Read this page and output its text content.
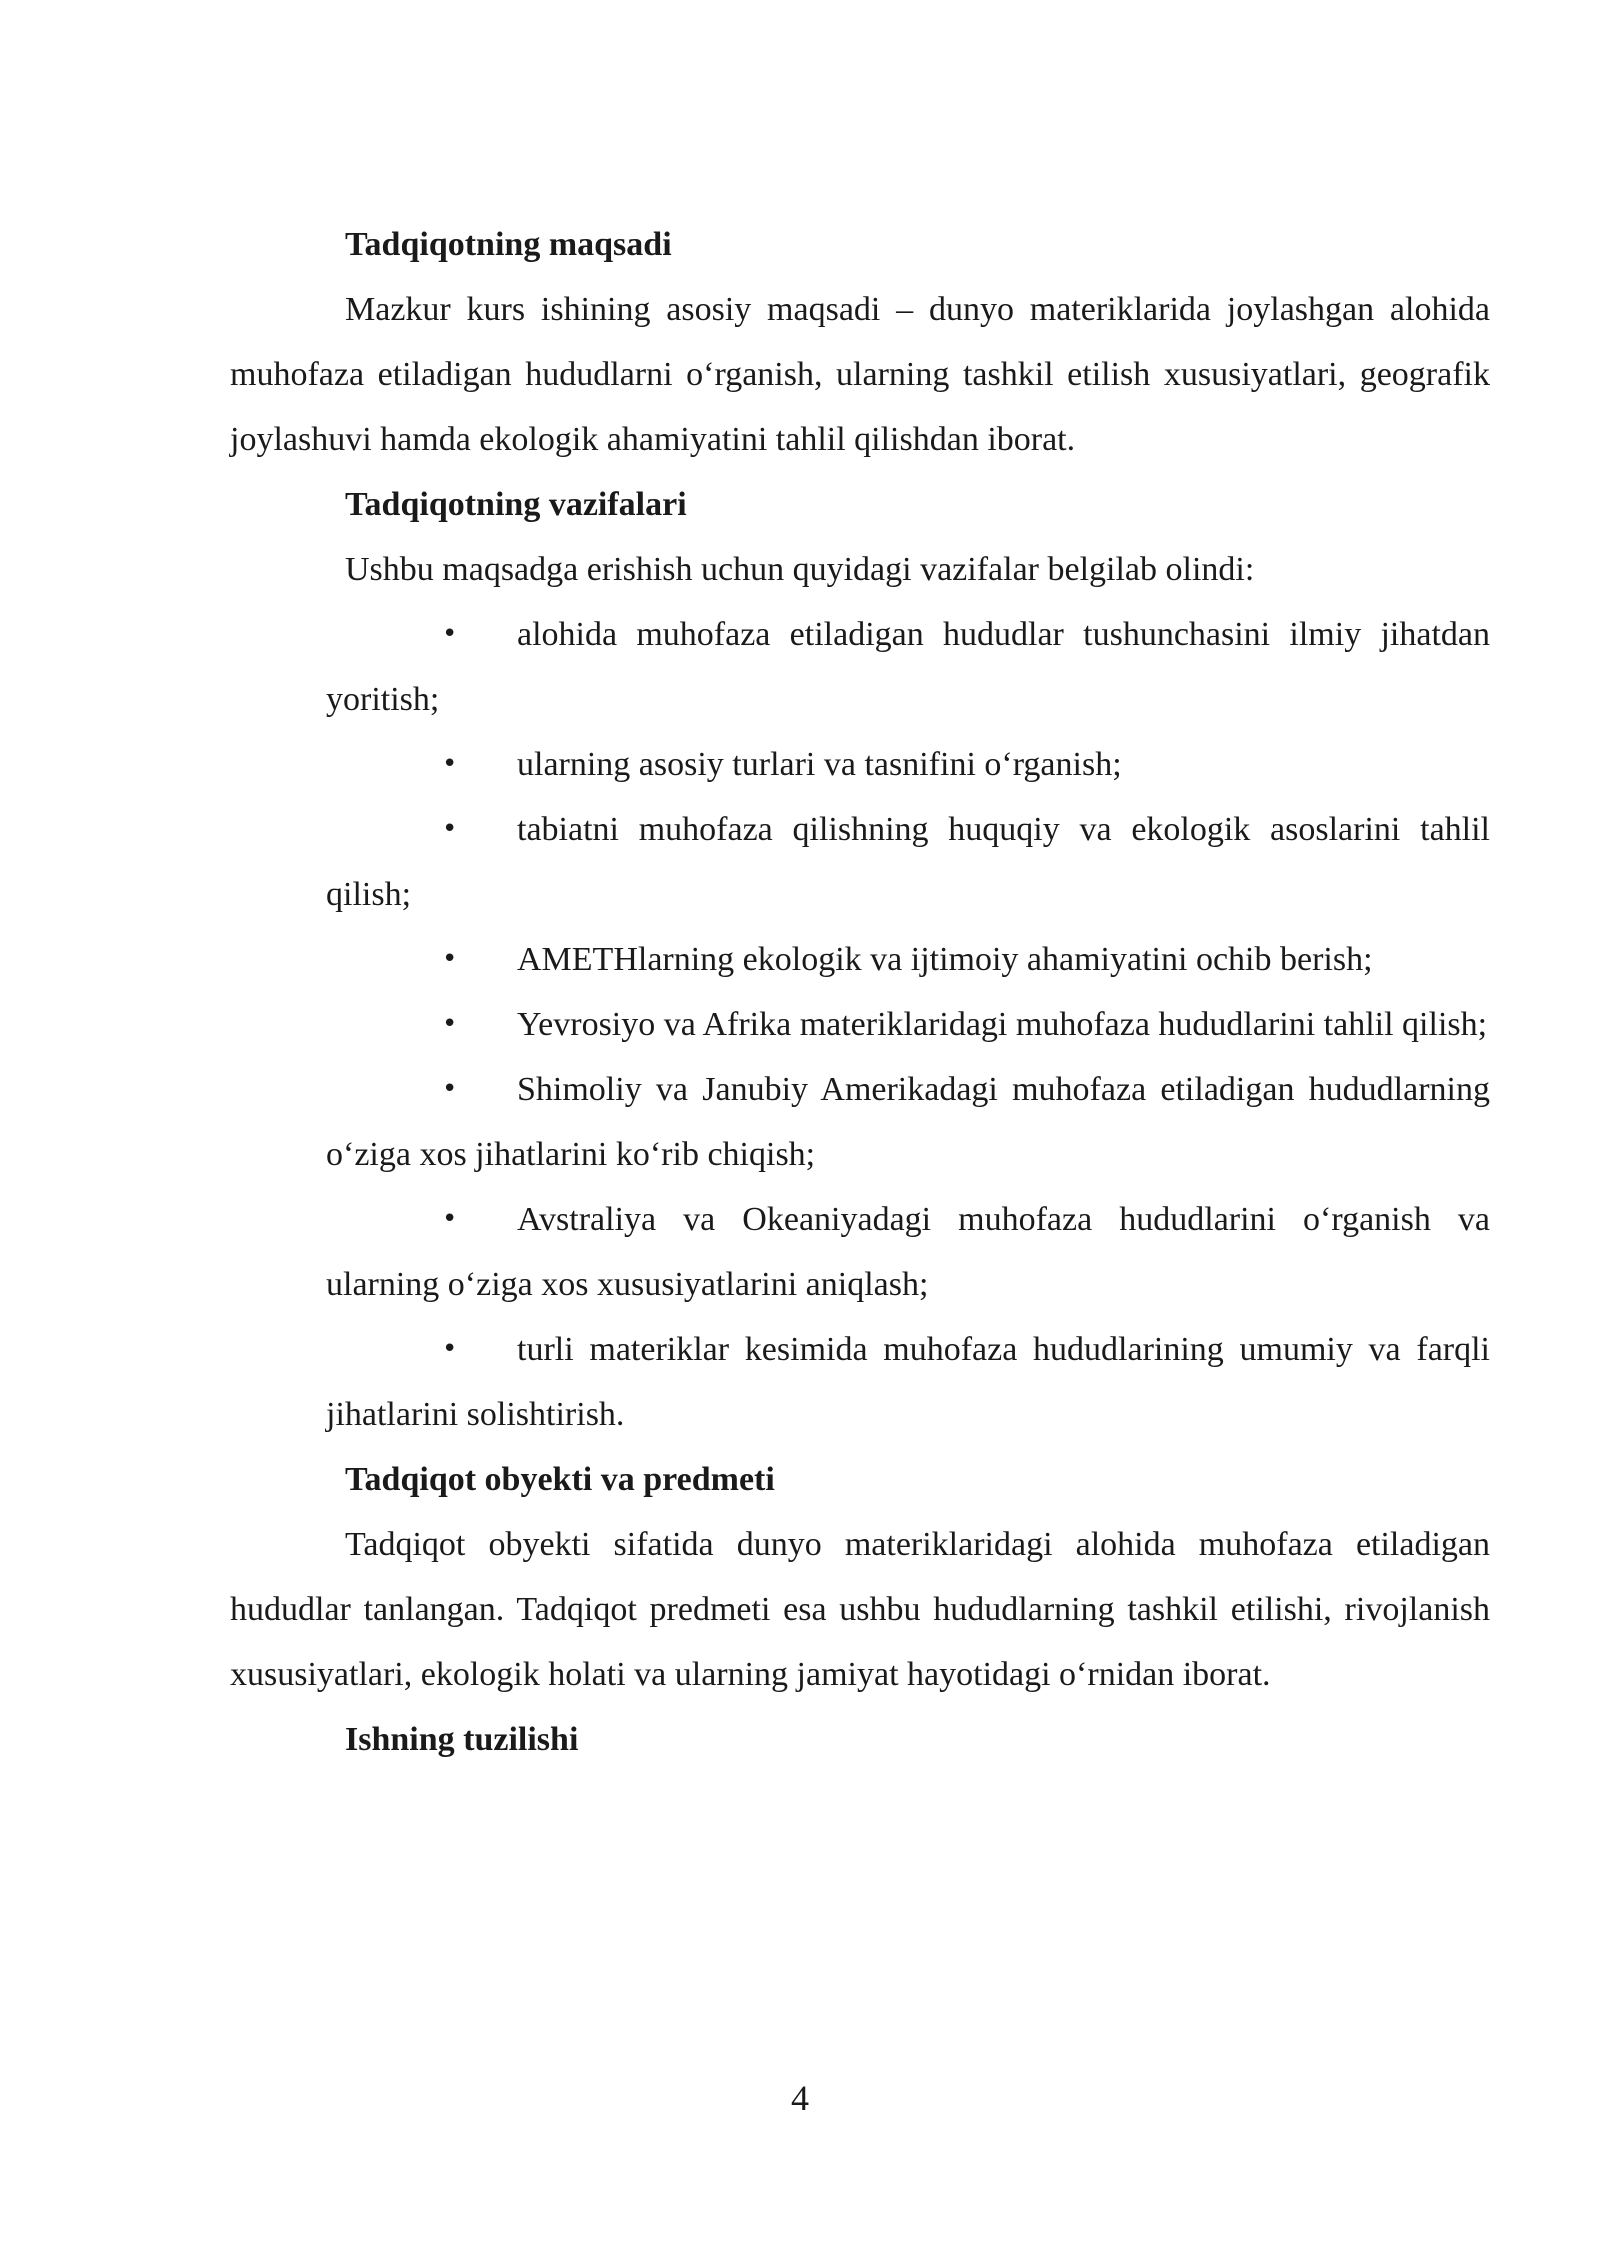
Tadqiqotning maqsadi

Mazkur kurs ishining asosiy maqsadi – dunyo materiklarida joylashgan alohida muhofaza etiladigan hududlarni o‘rganish, ularning tashkil etilish xususiyatlari, geografik joylashuvi hamda ekologik ahamiyatini tahlil qilishdan iborat.

Tadqiqotning vazifalari

Ushbu maqsadga erishish uchun quyidagi vazifalar belgilab olindi:

• alohida muhofaza etiladigan hududlar tushunchasini ilmiy jihatdan yoritish;
• ularning asosiy turlari va tasnifini o‘rganish;
• tabiatni muhofaza qilishning huquqiy va ekologik asoslarini tahlil qilish;
• AMETHlarning ekologik va ijtimoiy ahamiyatini ochib berish;
• Yevrosiyo va Afrika materiklaridagi muhofaza hududlarini tahlil qilish;
• Shimoliy va Janubiy Amerikadagi muhofaza etiladigan hududlarning o‘ziga xos jihatlarini ko‘rib chiqish;
• Avstraliya va Okeaniyadagi muhofaza hududlarini o‘rganish va ularning o‘ziga xos xususiyatlarini aniqlash;
• turli materiklar kesimida muhofaza hududlarining umumiy va farqli jihatlarini solishtirish.

Tadqiqot obyekti va predmeti

Tadqiqot obyekti sifatida dunyo materiklaridagi alohida muhofaza etiladigan hududlar tanlangan. Tadqiqot predmeti esa ushbu hududlarning tashkil etilishi, rivojlanish xususiyatlari, ekologik holati va ularning jamiyat hayotidagi o‘rnidan iborat.

Ishning tuzilishi

4
